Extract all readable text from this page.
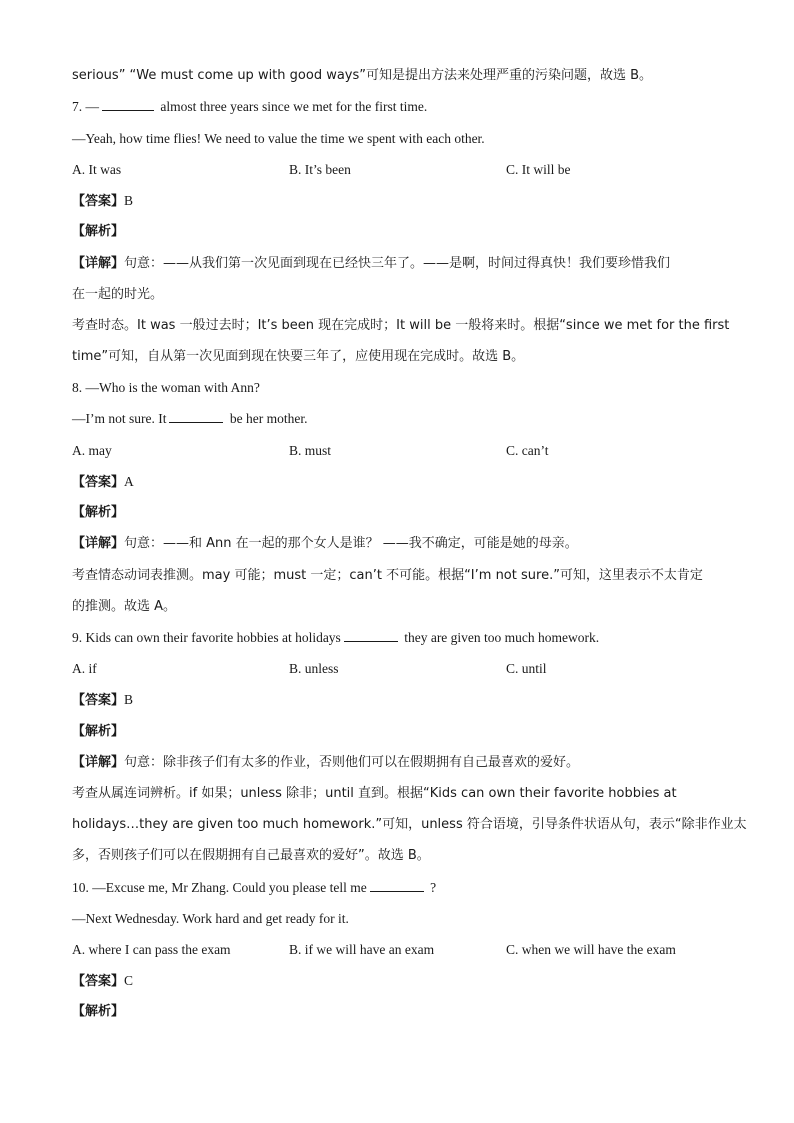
serious” “We must come up with good ways”可知是提出方法来处理严重的污染问题，故选 B。
7. —	almost three years since we met for the first time.
—Yeah, how time flies! We need to value the time we spent with each other.
A. It was	B. It’s been	C. It will be
【答案】B
【解析】
【详解】句意：——从我们第一次见面到现在已经快三年了。——是啊，时间过得真快！我们要珍惜我们
在一起的时光。
考查时态。It was 一般过去时；It’s been 现在完成时；It will be 一般将来时。根据“since we met for the first
time”可知，自从第一次见面到现在快要三年了，应使用现在完成时。故选 B。
8. —Who is the woman with Ann?
—I’m not sure. It	be her mother.
A. may	B. must	C. can’t
【答案】A
【解析】
【详解】句意：——和 Ann 在一起的那个女人是谁？ ——我不确定，可能是她的母亲。
考查情态动词表推测。may 可能；must 一定；can’t 不可能。根据“I’m not sure.”可知，这里表示不太肯定
的推测。故选 A。
9. Kids can own their favorite hobbies at holidays	they are given too much homework.
A. if	B. unless	C. until
【答案】B
【解析】
【详解】句意：除非孩子们有太多的作业，否则他们可以在假期拥有自己最喜欢的爱好。
考查从属连词辨析。if 如果；unless 除非；until 直到。根据“Kids can own their favorite hobbies at
holidays…they are given too much homework.”可知，unless 符合语境，引导条件状语从句，表示“除非作业太
多，否则孩子们可以在假期拥有自己最喜欢的爱好”。故选 B。
10. —Excuse me, Mr Zhang. Could you please tell me	?
—Next Wednesday. Work hard and get ready for it.
A. where I can pass the exam	B. if we will have an exam	C. when we will have the exam
【答案】C
【解析】
